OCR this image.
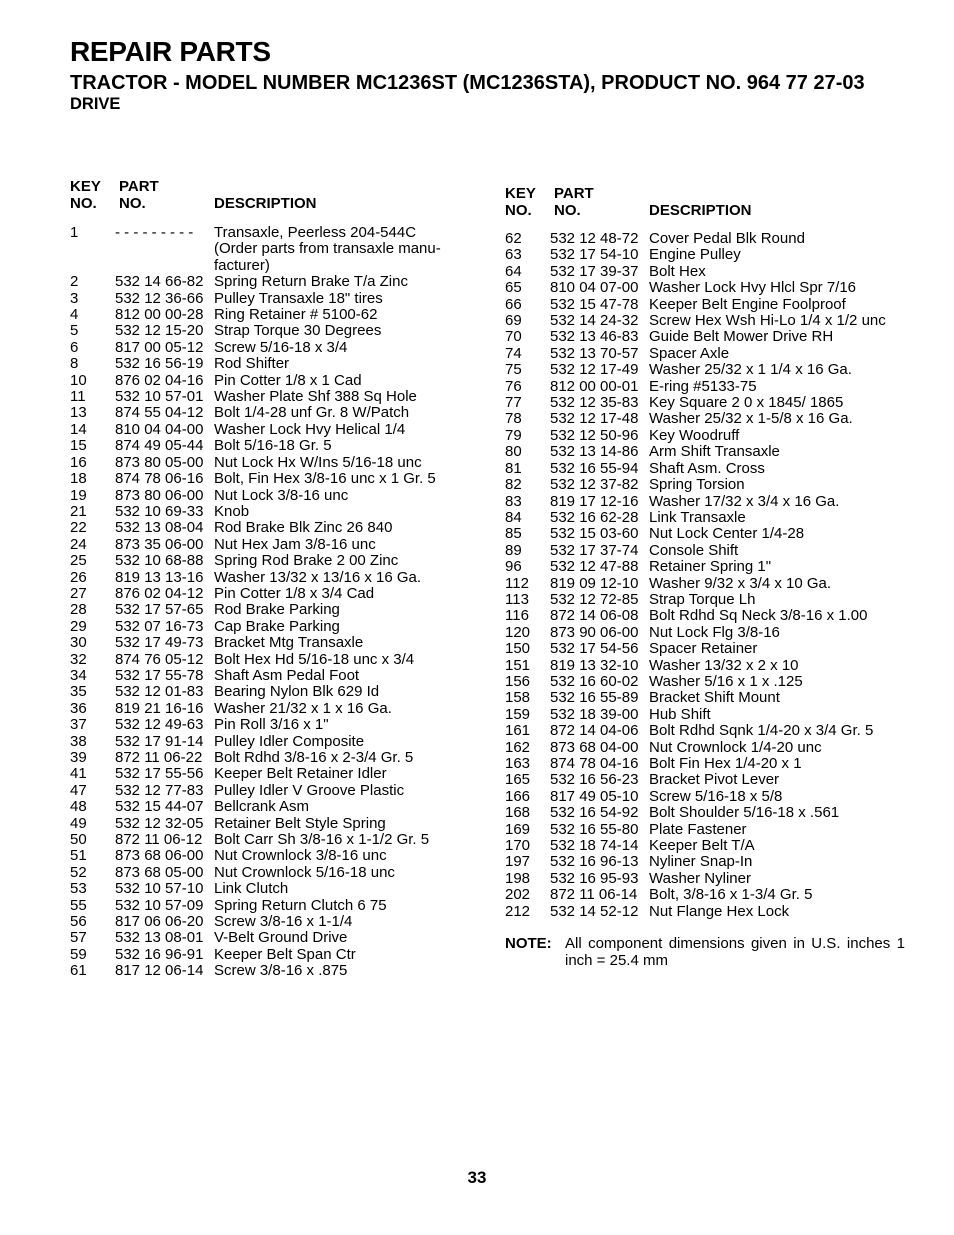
REPAIR PARTS
TRACTOR - MODEL NUMBER MC1236ST (MC1236STA), PRODUCT NO. 964 77 27-03
DRIVE
KEY
NO.
PART
NO.	DESCRIPTION
1 - - - - - - - - - Transaxle, Peerless 204-544C (Order parts from transaxle manu-facturer)
2 532 14 66-82 Spring Return Brake T/a Zinc
3 532 12 36-66 Pulley Transaxle 18" tires
4 812 00 00-28 Ring Retainer # 5100-62
5 532 12 15-20 Strap Torque 30 Degrees
6 817 00 05-12 Screw 5/16-18 x 3/4
8 532 16 56-19 Rod Shifter
10 876 02 04-16 Pin Cotter 1/8 x 1 Cad
11 532 10 57-01 Washer Plate Shf 388 Sq Hole
13 874 55 04-12 Bolt 1/4-28 unf Gr. 8 W/Patch
14 810 04 04-00 Washer Lock Hvy Helical 1/4
15 874 49 05-44 Bolt 5/16-18 Gr. 5
16 873 80 05-00 Nut Lock Hx W/Ins 5/16-18 unc
18 874 78 06-16 Bolt, Fin Hex 3/8-16 unc x 1 Gr. 5
19 873 80 06-00 Nut Lock 3/8-16 unc
21 532 10 69-33 Knob
22 532 13 08-04 Rod Brake Blk Zinc 26 840
24 873 35 06-00 Nut Hex Jam 3/8-16 unc
25 532 10 68-88 Spring Rod Brake 2 00 Zinc
26 819 13 13-16 Washer 13/32 x 13/16 x 16 Ga.
27 876 02 04-12 Pin Cotter 1/8 x 3/4 Cad
28 532 17 57-65 Rod Brake Parking
29 532 07 16-73 Cap Brake Parking
30 532 17 49-73 Bracket Mtg Transaxle
32 874 76 05-12 Bolt Hex Hd 5/16-18 unc x 3/4
34 532 17 55-78 Shaft Asm Pedal Foot
35 532 12 01-83 Bearing Nylon Blk 629 Id
36 819 21 16-16 Washer 21/32 x 1 x 16 Ga.
37 532 12 49-63 Pin Roll 3/16 x 1"
38 532 17 91-14 Pulley Idler Composite
39 872 11 06-22 Bolt Rdhd 3/8-16 x 2-3/4 Gr. 5
41 532 17 55-56 Keeper Belt Retainer Idler
47 532 12 77-83 Pulley Idler V Groove Plastic
48 532 15 44-07 Bellcrank Asm
49 532 12 32-05 Retainer Belt Style Spring
50 872 11 06-12 Bolt Carr Sh 3/8-16 x 1-1/2 Gr. 5
51 873 68 06-00 Nut Crownlock 3/8-16 unc
52 873 68 05-00 Nut Crownlock 5/16-18 unc
53 532 10 57-10 Link Clutch
55 532 10 57-09 Spring Return Clutch 6 75
56 817 06 06-20 Screw 3/8-16 x 1-1/4
57 532 13 08-01 V-Belt Ground Drive
59 532 16 96-91 Keeper Belt Span Ctr
61 817 12 06-14 Screw 3/8-16 x .875
KEY
NO.
PART
NO.	DESCRIPTION
62 532 12 48-72 Cover Pedal Blk Round
63 532 17 54-10 Engine Pulley
64 532 17 39-37 Bolt Hex
65 810 04 07-00 Washer Lock Hvy Hlcl Spr 7/16
66 532 15 47-78 Keeper Belt Engine Foolproof
69 532 14 24-32 Screw Hex Wsh Hi-Lo 1/4 x 1/2 unc
70 532 13 46-83 Guide Belt Mower Drive RH
74 532 13 70-57 Spacer Axle
75 532 12 17-49 Washer 25/32 x 1 1/4 x 16 Ga.
76 812 00 00-01 E-ring #5133-75
77 532 12 35-83 Key Square 2 0 x 1845/ 1865
78 532 12 17-48 Washer 25/32 x 1-5/8 x 16 Ga.
79 532 12 50-96 Key Woodruff
80 532 13 14-86 Arm Shift Transaxle
81 532 16 55-94 Shaft Asm. Cross
82 532 12 37-82 Spring Torsion
83 819 17 12-16 Washer 17/32 x 3/4 x 16 Ga.
84 532 16 62-28 Link Transaxle
85 532 15 03-60 Nut Lock Center 1/4-28
89 532 17 37-74 Console Shift
96 532 12 47-88 Retainer Spring 1"
112 819 09 12-10 Washer 9/32 x 3/4 x 10 Ga.
113 532 12 72-85 Strap Torque Lh
116 872 14 06-08 Bolt Rdhd Sq Neck 3/8-16 x 1.00
120 873 90 06-00 Nut Lock Flg 3/8-16
150 532 17 54-56 Spacer Retainer
151 819 13 32-10 Washer 13/32 x 2 x 10
156 532 16 60-02 Washer 5/16 x 1 x .125
158 532 16 55-89 Bracket Shift Mount
159 532 18 39-00 Hub Shift
161 872 14 04-06 Bolt Rdhd Sqnk 1/4-20 x 3/4 Gr. 5
162 873 68 04-00 Nut Crownlock 1/4-20 unc
163 874 78 04-16 Bolt Fin Hex 1/4-20 x 1
165 532 16 56-23 Bracket Pivot Lever
166 817 49 05-10 Screw 5/16-18 x 5/8
168 532 16 54-92 Bolt Shoulder 5/16-18 x .561
169 532 16 55-80 Plate Fastener
170 532 18 74-14 Keeper Belt T/A
197 532 16 96-13 Nyliner Snap-In
198 532 16 95-93 Washer Nyliner
202 872 11 06-14 Bolt, 3/8-16 x 1-3/4 Gr. 5
212 532 14 52-12 Nut Flange Hex Lock
NOTE: All component dimensions given in U.S. inches 1 inch = 25.4 mm
33
